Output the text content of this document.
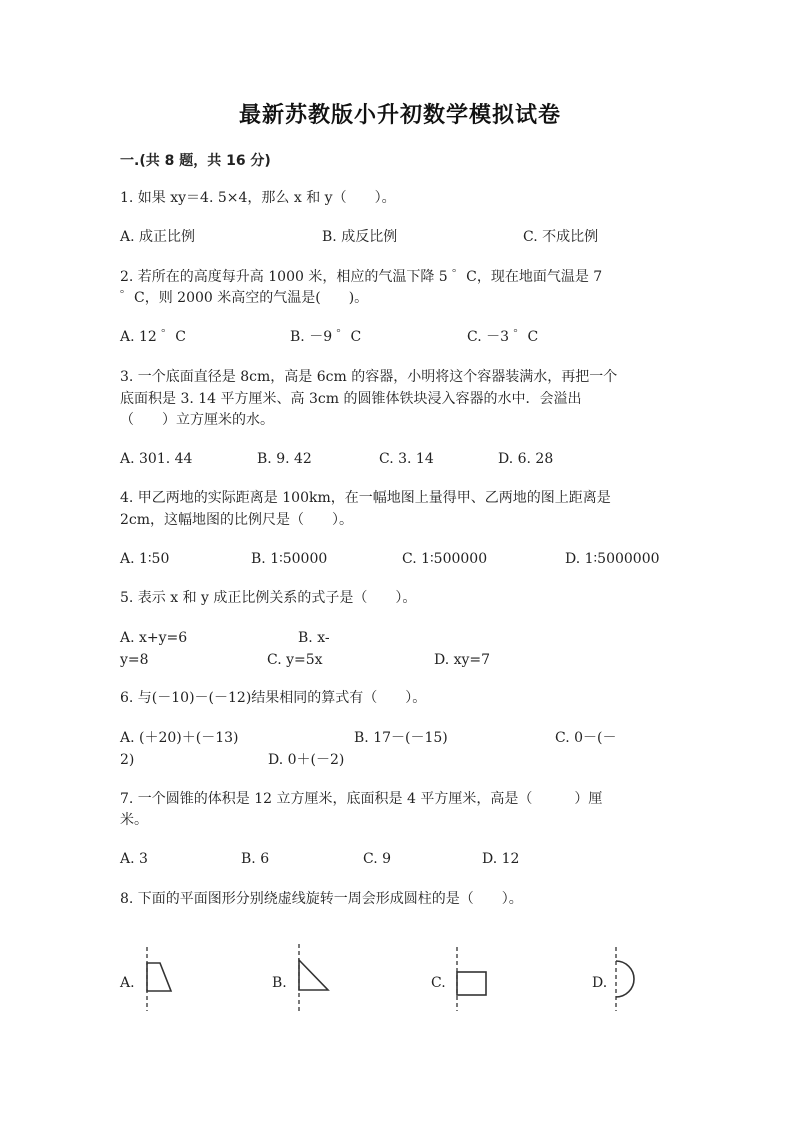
最新苏教版小升初数学模拟试卷
一.(共 8 题，共 16 分)
1. 如果 xy＝4. 5×4，那么 x 和 y（　　）。
A. 成正比例	B. 成反比例	C. 不成比例
2. 若所在的高度每升高 1000 米，相应的气温下降 5 ゜C，现在地面气温是 7
゜C，则 2000 米高空的气温是(　　)。
A. 12 ゜C	B. －9 ゜C	C. －3 ゜C
3. 一个底面直径是 8cm，高是 6cm 的容器，小明将这个容器装满水，再把一个
底面积是 3. 14 平方厘米、高 3cm 的圆锥体铁块浸入容器的水中．会溢出
（　　）立方厘米的水。
A. 301. 44	B. 9. 42	C. 3. 14	D. 6. 28
4. 甲乙两地的实际距离是 100km，在一幅地图上量得甲、乙两地的图上距离是
2cm，这幅地图的比例尺是（　　）。
A. 1∶50	B. 1∶50000	C. 1∶500000	D. 1∶5000000
5. 表示 x 和 y 成正比例关系的式子是（　　）。
A. x+y=6	B. x-
y=8	C. y=5x	D. xy=7
6. 与(－10)－(－12)结果相同的算式有（　　）。
A. (＋20)＋(－13)	B. 17－(－15)	C. 0－(－
2)	D. 0＋(－2)
7. 一个圆锥的体积是 12 立方厘米，底面积是 4 平方厘米，高是（　　　）厘
米。
A. 3	B. 6	C. 9	D. 12
8. 下面的平面图形分别绕虚线旋转一周会形成圆柱的是（　　）。
A.	B.	C.	D.
